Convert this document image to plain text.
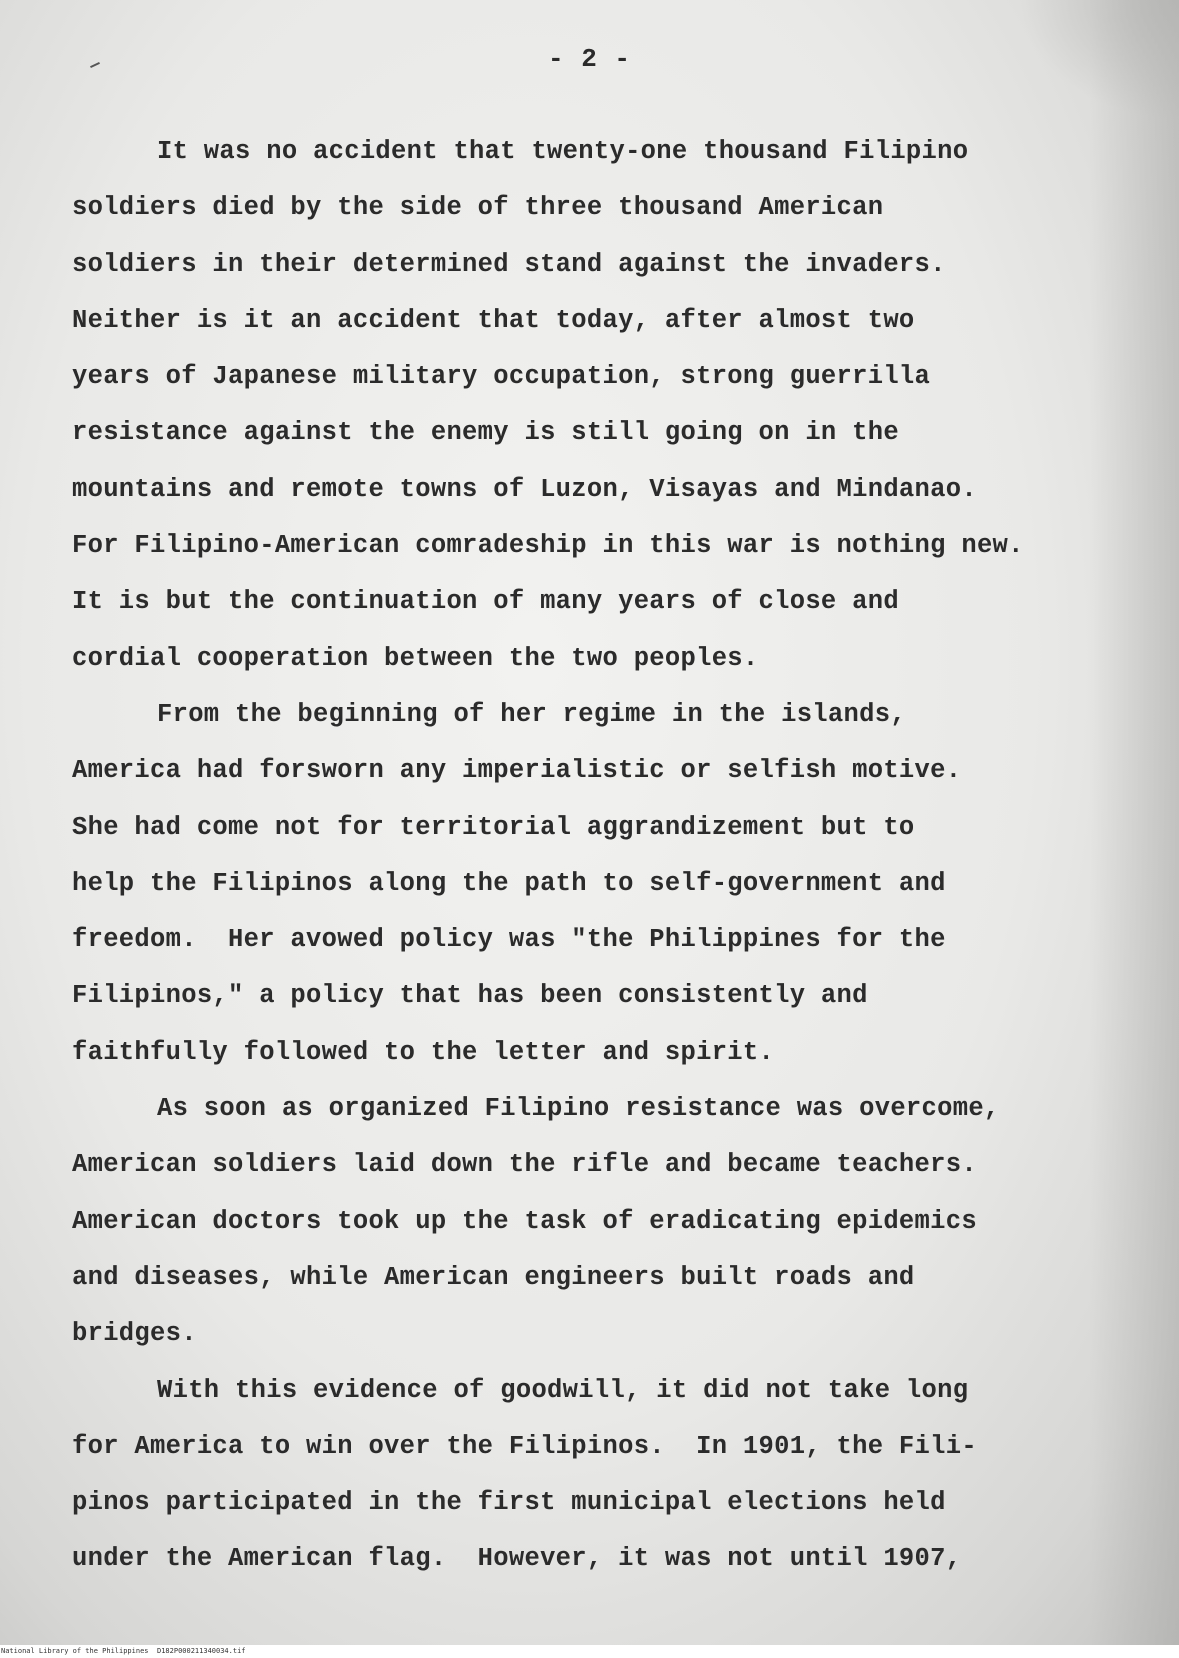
- 2 -
It was no accident that twenty-one thousand Filipino
soldiers died by the side of three thousand American
soldiers in their determined stand against the invaders.
Neither is it an accident that today, after almost two
years of Japanese military occupation, strong guerrilla
resistance against the enemy is still going on in the
mountains and remote towns of Luzon, Visayas and Mindanao.
For Filipino-American comradeship in this war is nothing new.
It is but the continuation of many years of close and
cordial cooperation between the two peoples.
From the beginning of her regime in the islands,
America had forsworn any imperialistic or selfish motive.
She had come not for territorial aggrandizement but to
help the Filipinos along the path to self-government and
freedom.  Her avowed policy was "the Philippines for the
Filipinos," a policy that has been consistently and
faithfully followed to the letter and spirit.
As soon as organized Filipino resistance was overcome,
American soldiers laid down the rifle and became teachers.
American doctors took up the task of eradicating epidemics
and diseases, while American engineers built roads and
bridges.
With this evidence of goodwill, it did not take long
for America to win over the Filipinos.  In 1901, the Fili-
pinos participated in the first municipal elections held
under the American flag.  However, it was not until 1907,
National Library of the Philippines D182P000211340034.tif
